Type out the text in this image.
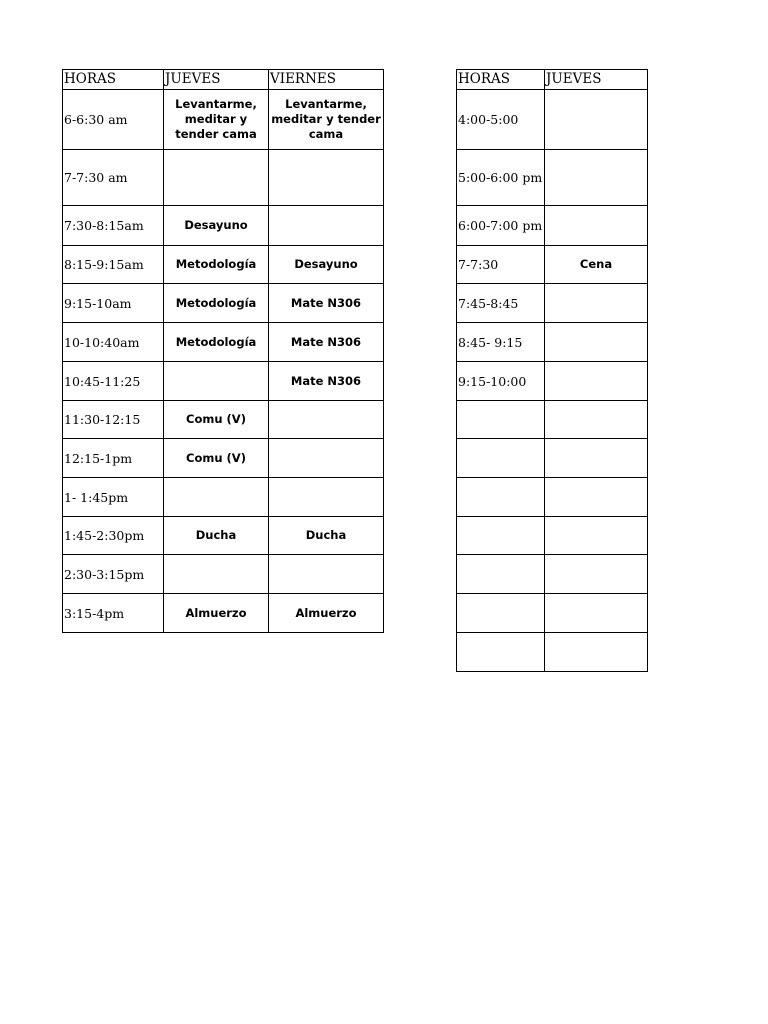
HORAS	JUEVES	VIERNES
6-6:30 am	Levantarme, meditar y tender cama	Levantarme, meditar y tender cama
7-7:30 am		
7:30-8:15am	Desayuno	
8:15-9:15am	Metodología	Desayuno
9:15-10am	Metodología	Mate N306
10-10:40am	Metodología	Mate N306
10:45-11:25		Mate N306
11:30-12:15	Comu (V)	
12:15-1pm	Comu (V)	
1- 1:45pm		
1:45-2:30pm	Ducha	Ducha
2:30-3:15pm		
3:15-4pm	Almuerzo	Almuerzo
HORAS	JUEVES
4:00-5:00	
5:00-6:00 pm	
6:00-7:00 pm	
7-7:30	Cena
7:45-8:45	
8:45- 9:15	
9:15-10:00	
